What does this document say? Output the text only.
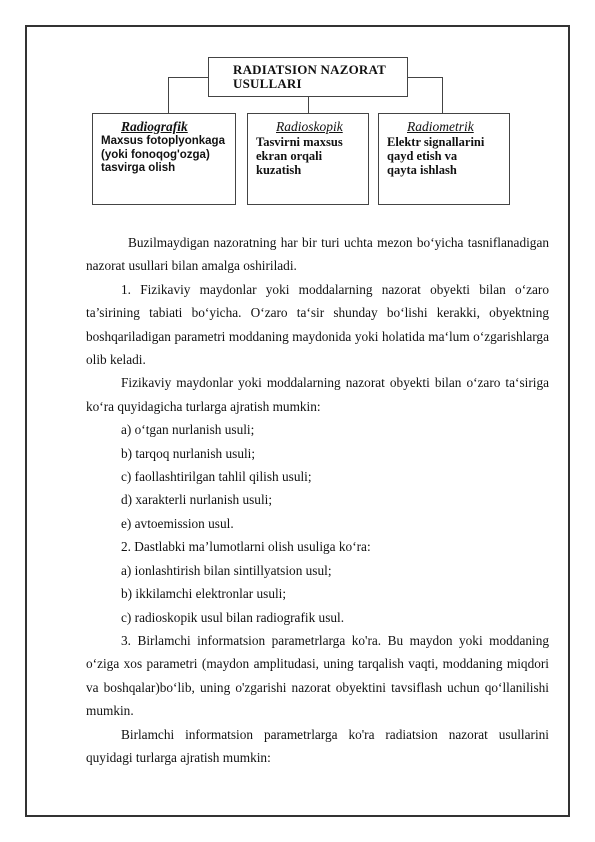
RADIATSION NAZORAT
USULLARI
Radiografik
Maxsus fotoplyonkaga
(yoki fonoqog'ozga)
tasvirga olish
Radioskopik
Tasvirni maxsus
ekran orqali
kuzatish
Radiometrik
Elektr signallarini
qayd etish va
qayta ishlash

Buzilmaydigan nazoratning har bir turi uchta mezon bo‘yicha tasniflanadigan nazorat usullari bilan amalga oshiriladi.

1. Fizikaviy maydonlar yoki moddalarning nazorat obyekti bilan o‘zaro ta’sirining tabiati bo‘yicha. O‘zaro ta‘sir shunday bo‘lishi kerakki, obyektning boshqariladigan parametri moddaning maydonida yoki holatida ma‘lum o‘zgarishlarga olib keladi.

Fizikaviy maydonlar yoki moddalarning nazorat obyekti bilan o‘zaro ta‘siriga ko‘ra quyidagicha turlarga ajratish mumkin:

a) o‘tgan nurlanish usuli;

b) tarqoq nurlanish usuli;

c) faollashtirilgan tahlil qilish usuli;

d) xarakterli nurlanish usuli;

e) avtoemission usul.

2. Dastlabki ma’lumotlarni olish usuliga ko‘ra:

a) ionlashtirish bilan sintillyatsion usul;

b) ikkilamchi elektronlar usuli;

c) radioskopik usul bilan radiografik usul.

3. Birlamchi informatsion parametrlarga ko'ra. Bu maydon yoki moddaning o‘ziga xos parametri (maydon amplitudasi, uning tarqalish vaqti, moddaning miqdori va boshqalar)bo‘lib, uning o'zgarishi nazorat obyektini tavsiflash uchun qo‘llanilishi mumkin.

Birlamchi informatsion parametrlarga ko'ra radiatsion nazorat usullarini quyidagi turlarga ajratish mumkin:
